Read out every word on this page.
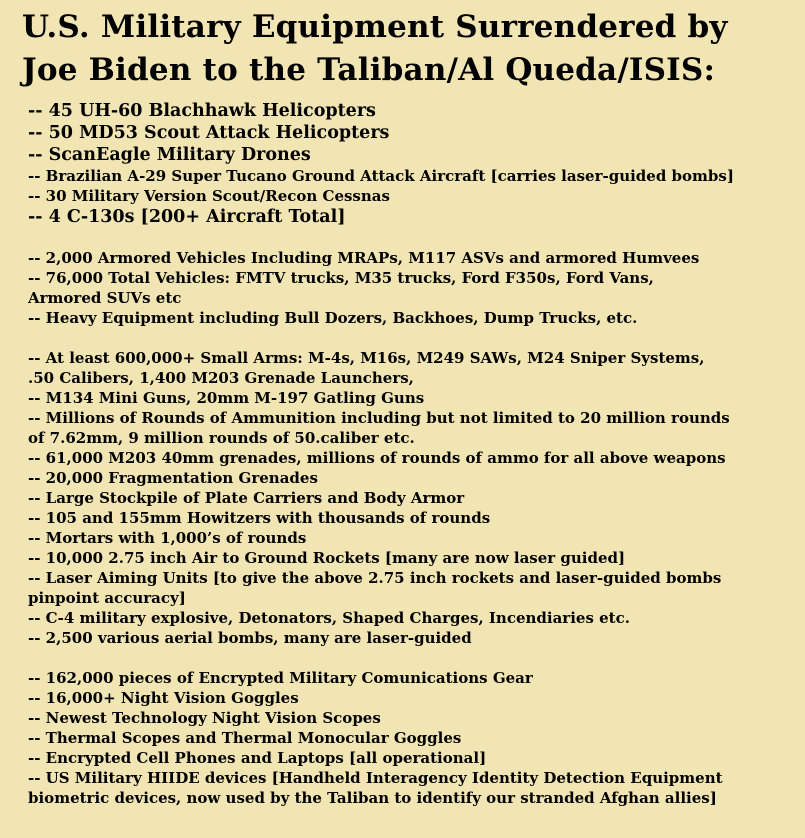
U.S. Military Equipment Surrendered by
Joe Biden to the Taliban/Al Queda/ISIS:
-- 45 UH-60 Blachhawk Helicopters
-- 50 MD53 Scout Attack Helicopters
-- ScanEagle Military Drones
-- Brazilian A-29 Super Tucano Ground Attack Aircraft [carries laser-guided bombs]
-- 30 Military Version Scout/Recon Cessnas
-- 4 C-130s [200+ Aircraft Total]
-- 2,000 Armored Vehicles Including MRAPs, M117 ASVs and armored Humvees
-- 76,000 Total Vehicles: FMTV trucks, M35 trucks, Ford F350s, Ford Vans,
Armored SUVs etc
-- Heavy Equipment including Bull Dozers, Backhoes, Dump Trucks, etc.
-- At least 600,000+ Small Arms: M-4s, M16s, M249 SAWs, M24 Sniper Systems,
.50 Calibers, 1,400 M203 Grenade Launchers,
-- M134 Mini Guns, 20mm M-197 Gatling Guns
-- Millions of Rounds of Ammunition including but not limited to 20 million rounds
of 7.62mm, 9 million rounds of 50.caliber etc.
-- 61,000 M203 40mm grenades, millions of rounds of ammo for all above weapons
-- 20,000 Fragmentation Grenades
-- Large Stockpile of Plate Carriers and Body Armor
-- 105 and 155mm Howitzers with thousands of rounds
-- Mortars with 1,000’s of rounds
-- 10,000 2.75 inch Air to Ground Rockets [many are now laser guided]
-- Laser Aiming Units [to give the above 2.75 inch rockets and laser-guided bombs
pinpoint accuracy]
-- C-4 military explosive, Detonators, Shaped Charges, Incendiaries etc.
-- 2,500 various aerial bombs, many are laser-guided
-- 162,000 pieces of Encrypted Military Comunications Gear
-- 16,000+ Night Vision Goggles
-- Newest Technology Night Vision Scopes
-- Thermal Scopes and Thermal Monocular Goggles
-- Encrypted Cell Phones and Laptops [all operational]
-- US Military HIIDE devices [Handheld Interagency Identity Detection Equipment
biometric devices, now used by the Taliban to identify our stranded Afghan allies]
